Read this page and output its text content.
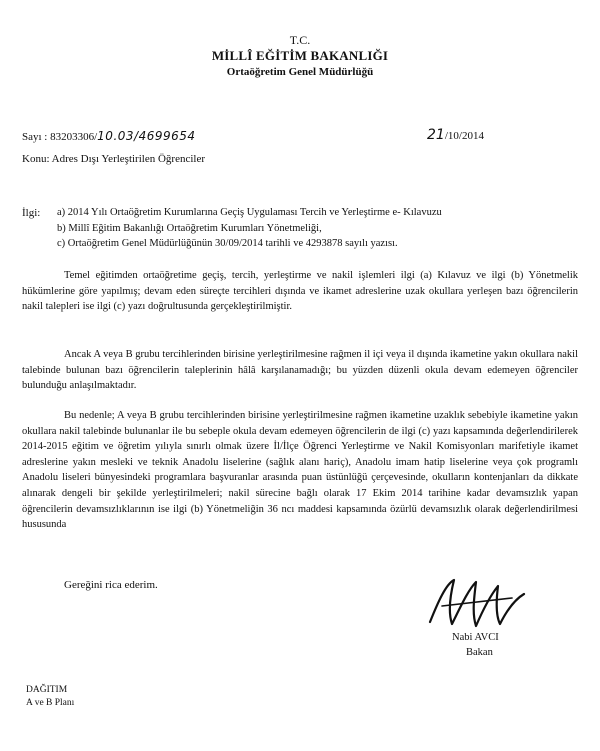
T.C.
MİLLÎ EĞİTİM BAKANLIĞI
Ortaöğretim Genel Müdürlüğü
Sayı : 83203306/10.03/4699654	21/10/2014
Konu: Adres Dışı Yerleştirilen Öğrenciler
İlgi: a) 2014 Yılı Ortaöğretim Kurumlarına Geçiş Uygulaması Tercih ve Yerleştirme e- Kılavuzu
b) Millî Eğitim Bakanlığı Ortaöğretim Kurumları Yönetmeliği,
c) Ortaöğretim Genel Müdürlüğünün 30/09/2014 tarihli ve 4293878 sayılı yazısı.

Temel eğitimden ortaöğretime geçiş, tercih, yerleştirme ve nakil işlemleri ilgi (a) Kılavuz ve ilgi (b) Yönetmelik hükümlerine göre yapılmış; devam eden süreçte tercihleri dışında ve ikamet adreslerine uzak okullara yerleşen bazı öğrencilerin nakil talepleri ise ilgi (c) yazı doğrultusunda gerçekleştirilmiştir.

Ancak A veya B grubu tercihlerinden birisine yerleştirilmesine rağmen il içi veya il dışında ikametine yakın okullara nakil talebinde bulunan bazı öğrencilerin taleplerinin hâlâ karşılanamadığı; bu yüzden düzenli okula devam edemeyen öğrenciler bulunduğu anlaşılmaktadır.

Bu nedenle; A veya B grubu tercihlerinden birisine yerleştirilmesine rağmen ikametine uzaklık sebebiyle ikametine yakın okullara nakil talebinde bulunanlar ile bu sebeple okula devam edemeyen öğrencilerin de ilgi (c) yazı kapsamında değerlendirilerek 2014-2015 eğitim ve öğretim yılıyla sınırlı olmak üzere İl/İlçe Öğrenci Yerleştirme ve Nakil Komisyonları marifetiyle ikamet adreslerine yakın mesleki ve teknik Anadolu liselerine (sağlık alanı hariç), Anadolu imam hatip liselerine veya çok programlı Anadolu liseleri bünyesindeki programlara başvuranlar arasında puan üstünlüğü çerçevesinde, okulların kontenjanları da dikkate alınarak dengeli bir şekilde yerleştirilmeleri; nakil sürecine bağlı olarak 17 Ekim 2014 tarihine kadar devamsızlık yapan öğrencilerin devamsızlıklarının ise ilgi (b) Yönetmeliğin 36 ncı maddesi kapsamında özürlü devamsızlık olarak değerlendirilmesi hususunda

Gereğini rica ederim.
Nabi AVCI
Bakan
DAĞITIM
A ve B Planı
